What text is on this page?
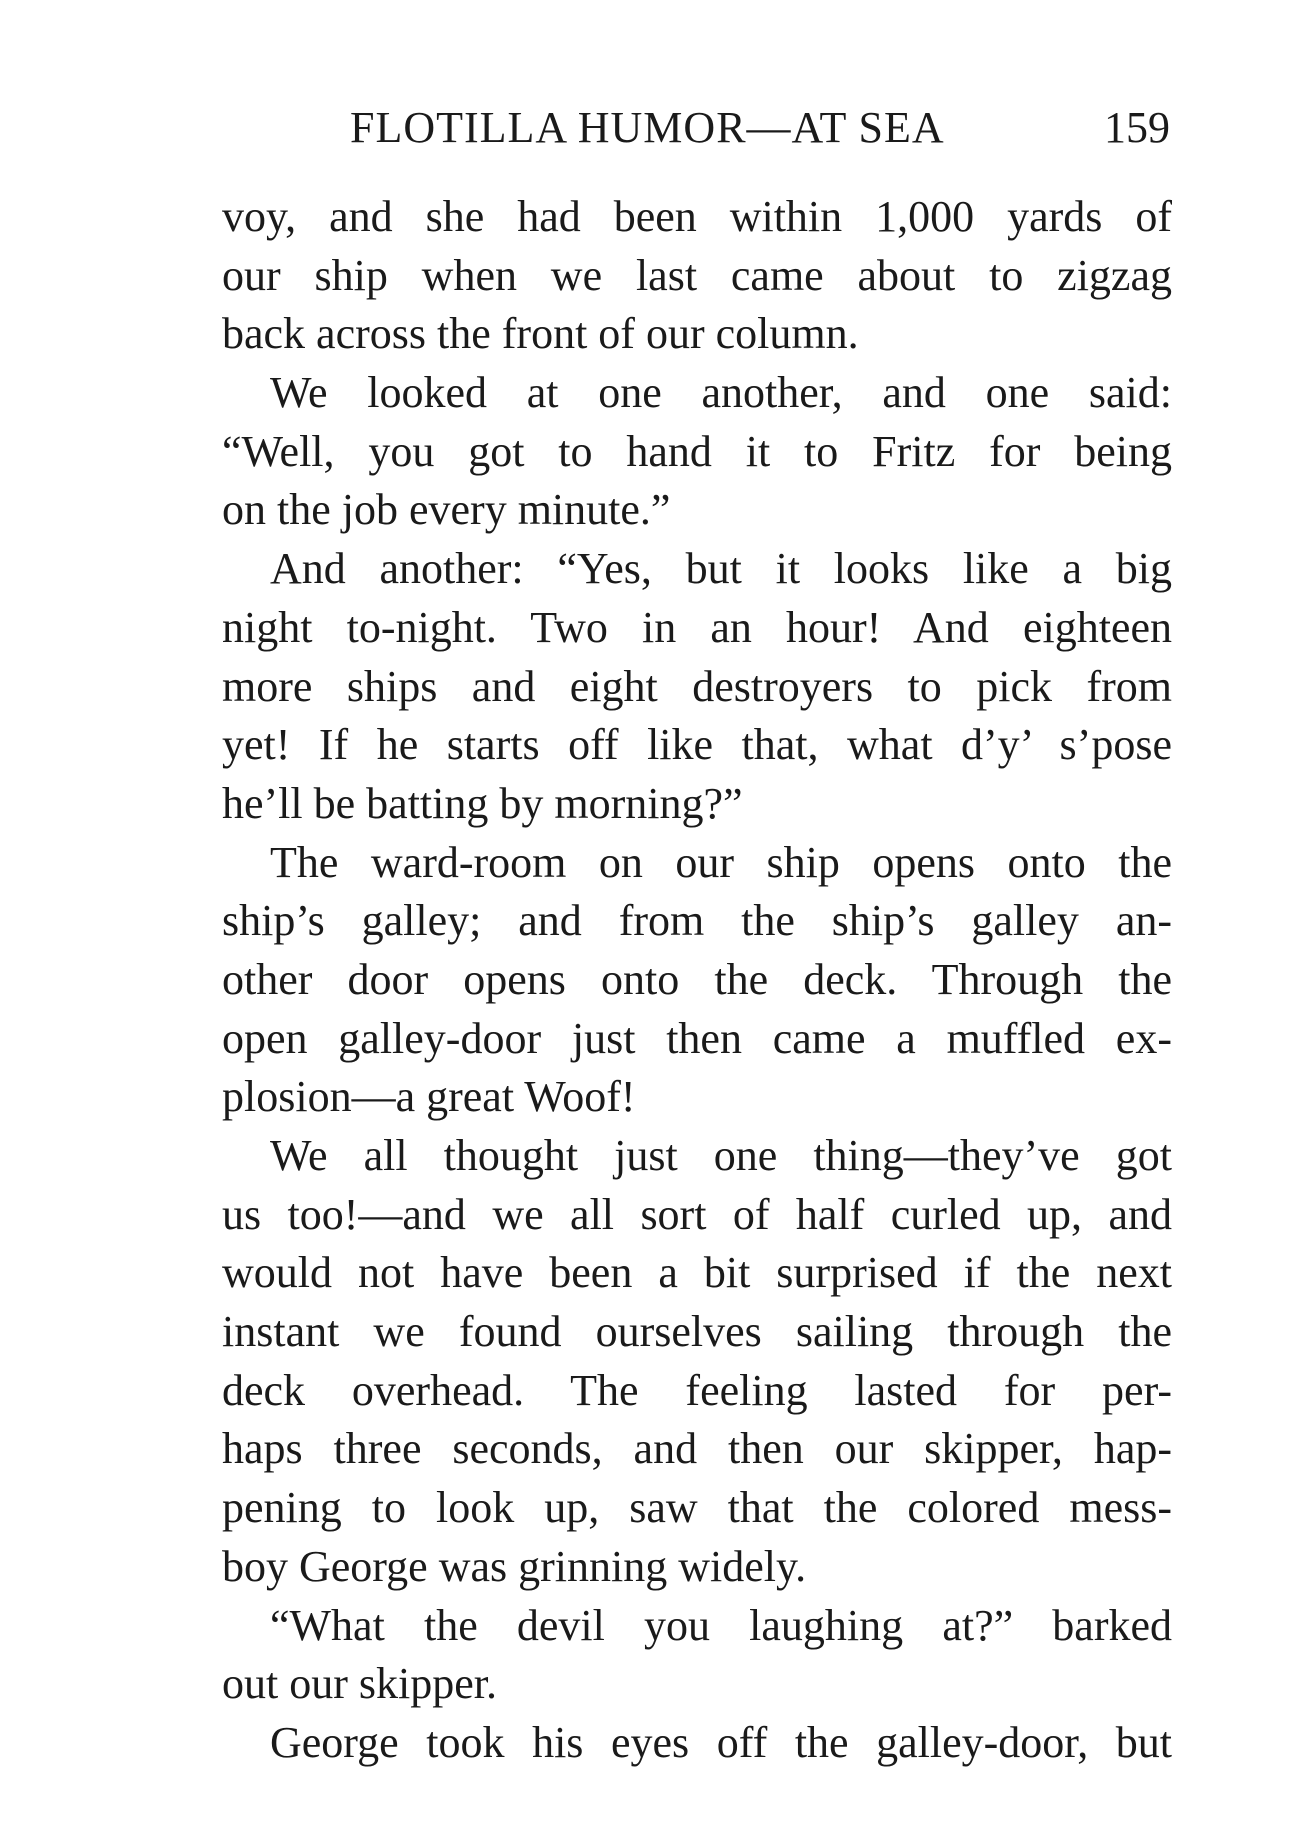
FLOTILLA HUMOR—AT SEA	159
voy, and she had been within 1,000 yards of
our ship when we last came about to zigzag
back across the front of our column.
We looked at one another, and one said:
“Well, you got to hand it to Fritz for being
on the job every minute.”
And another: “Yes, but it looks like a big
night to-night. Two in an hour! And eighteen
more ships and eight destroyers to pick from
yet! If he starts off like that, what d’y’ s’pose
he’ll be batting by morning?”
The ward-room on our ship opens onto the
ship’s galley; and from the ship’s galley an-
other door opens onto the deck. Through the
open galley-door just then came a muffled ex-
plosion—a great Woof!
We all thought just one thing—they’ve got
us too!—and we all sort of half curled up, and
would not have been a bit surprised if the next
instant we found ourselves sailing through the
deck overhead. The feeling lasted for per-
haps three seconds, and then our skipper, hap-
pening to look up, saw that the colored mess-
boy George was grinning widely.
“What the devil you laughing at?” barked
out our skipper.
George took his eyes off the galley-door, but
